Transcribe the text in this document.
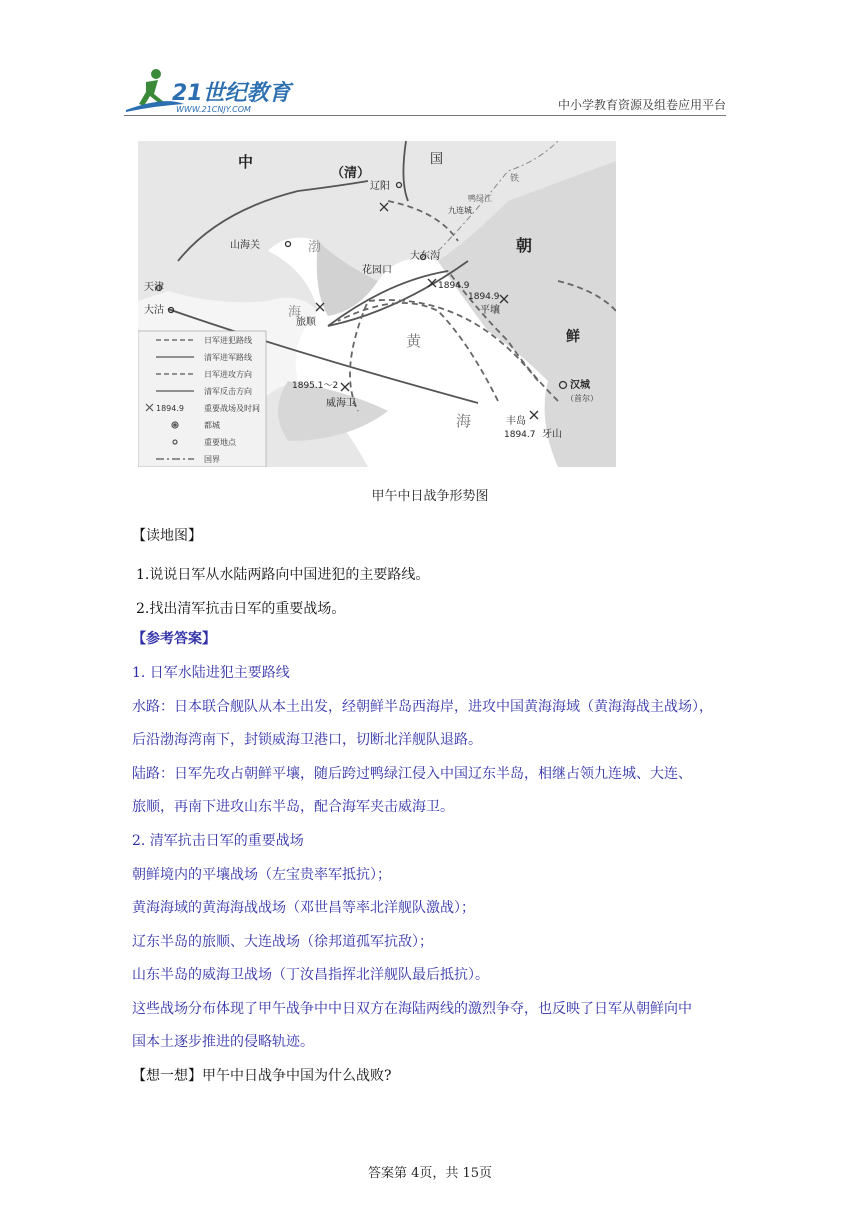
21世纪教育
WWW.21CNJY.COM	中小学教育资源及组卷应用平台
中	国
（清）
朝
鲜
渤
海
黄
海
辽阳
九连城
山海关
大东沟
花园口
天津
大沽
旅顺
平壤
汉城
（首尔）
威海卫
丰岛
牙山
1894.9
1894.9
1895.1～2
1894.7
鸭绿江
铁
日军进犯路线
清军进军路线
日军进攻方向
清军反击方向
重要战场及时间
都城
重要地点
国界
1894.9
甲午中日战争形势图
【读地图】
1.说说日军从水陆两路向中国进犯的主要路线。
2.找出清军抗击日军的重要战场。
【参考答案】
1. 日军水陆进犯主要路线
水路：日本联合舰队从本土出发，经朝鲜半岛西海岸，进攻中国黄海海域（黄海海战主战场），
后沿渤海湾南下，封锁威海卫港口，切断北洋舰队退路。
陆路：日军先攻占朝鲜平壤，随后跨过鸭绿江侵入中国辽东半岛，相继占领九连城、大连、
旅顺，再南下进攻山东半岛，配合海军夹击威海卫。
2. 清军抗击日军的重要战场
朝鲜境内的平壤战场（左宝贵率军抵抗）；
黄海海域的黄海海战战场（邓世昌等率北洋舰队激战）；
辽东半岛的旅顺、大连战场（徐邦道孤军抗敌）；
山东半岛的威海卫战场（丁汝昌指挥北洋舰队最后抵抗）。
这些战场分布体现了甲午战争中中日双方在海陆两线的激烈争夺，也反映了日军从朝鲜向中
国本土逐步推进的侵略轨迹。
【想一想】甲午中日战争中国为什么战败?
答案第 4页，共 15页
